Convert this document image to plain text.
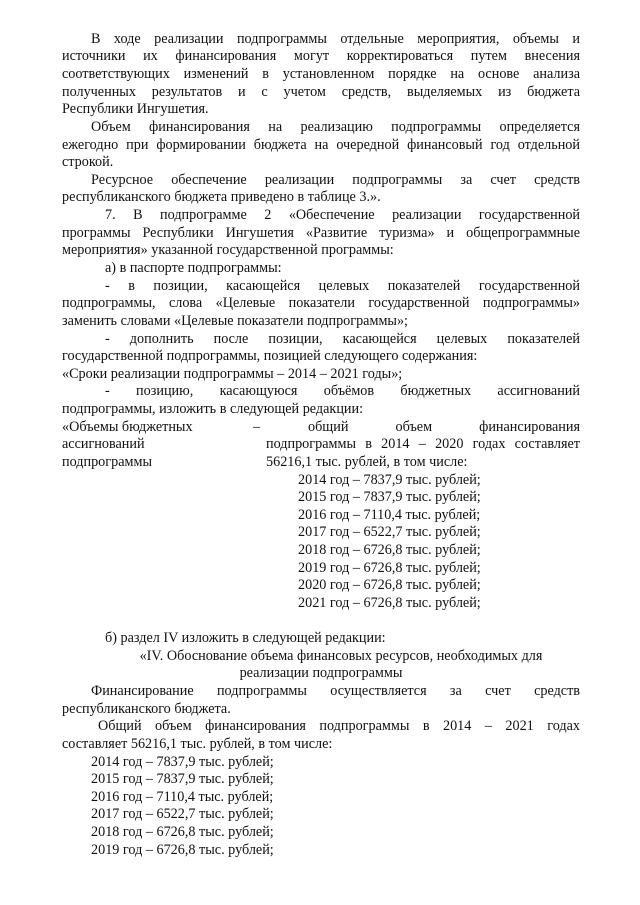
В ходе реализации подпрограммы отдельные мероприятия, объемы и

источники их финансирования могут корректироваться путем внесения

соответствующих изменений в установленном порядке на основе анализа

полученных результатов и с учетом средств, выделяемых из бюджета

Республики Ингушетия.

Объем финансирования на реализацию подпрограммы определяется

ежегодно при формировании бюджета на очередной финансовый год отдельной

строкой.

Ресурсное обеспечение реализации подпрограммы за счет средств

республиканского бюджета приведено в таблице 3.».

7. В подпрограмме 2 «Обеспечение реализации государственной

программы Республики Ингушетия «Развитие туризма» и общепрограммные

мероприятия» указанной государственной программы:

а) в паспорте подпрограммы:

- в позиции, касающейся целевых показателей государственной

подпрограммы, слова «Целевые показатели государственной подпрограммы»

заменить словами «Целевые показатели подпрограммы»;

- дополнить после позиции, касающейся целевых показателей

государственной подпрограммы, позицией следующего содержания:

«Сроки реализации подпрограммы – 2014 – 2021 годы»;

- позицию, касающуюся объёмов бюджетных ассигнований

подпрограммы, изложить в следующей редакции:

«Объемы бюджетных

ассигнований

подпрограммы

–	общий объем финансирования

подпрограммы в 2014 – 2020 годах составляет

56216,1 тыс. рублей, в том числе:

2014 год – 7837,9 тыс. рублей;

2015 год – 7837,9 тыс. рублей;

2016 год – 7110,4 тыс. рублей;

2017 год – 6522,7 тыс. рублей;

2018 год – 6726,8 тыс. рублей;

2019 год – 6726,8 тыс. рублей;

2020 год – 6726,8 тыс. рублей;

2021 год – 6726,8 тыс. рублей;

б) раздел IV изложить в следующей редакции:

«IV. Обоснование объема финансовых ресурсов, необходимых для

реализации подпрограммы

Финансирование подпрограммы осуществляется за счет средств

республиканского бюджета.

Общий объем финансирования подпрограммы в 2014 – 2021 годах

составляет 56216,1 тыс. рублей, в том числе:

2014 год – 7837,9 тыс. рублей;

2015 год – 7837,9 тыс. рублей;

2016 год – 7110,4 тыс. рублей;

2017 год – 6522,7 тыс. рублей;

2018 год – 6726,8 тыс. рублей;

2019 год – 6726,8 тыс. рублей;
